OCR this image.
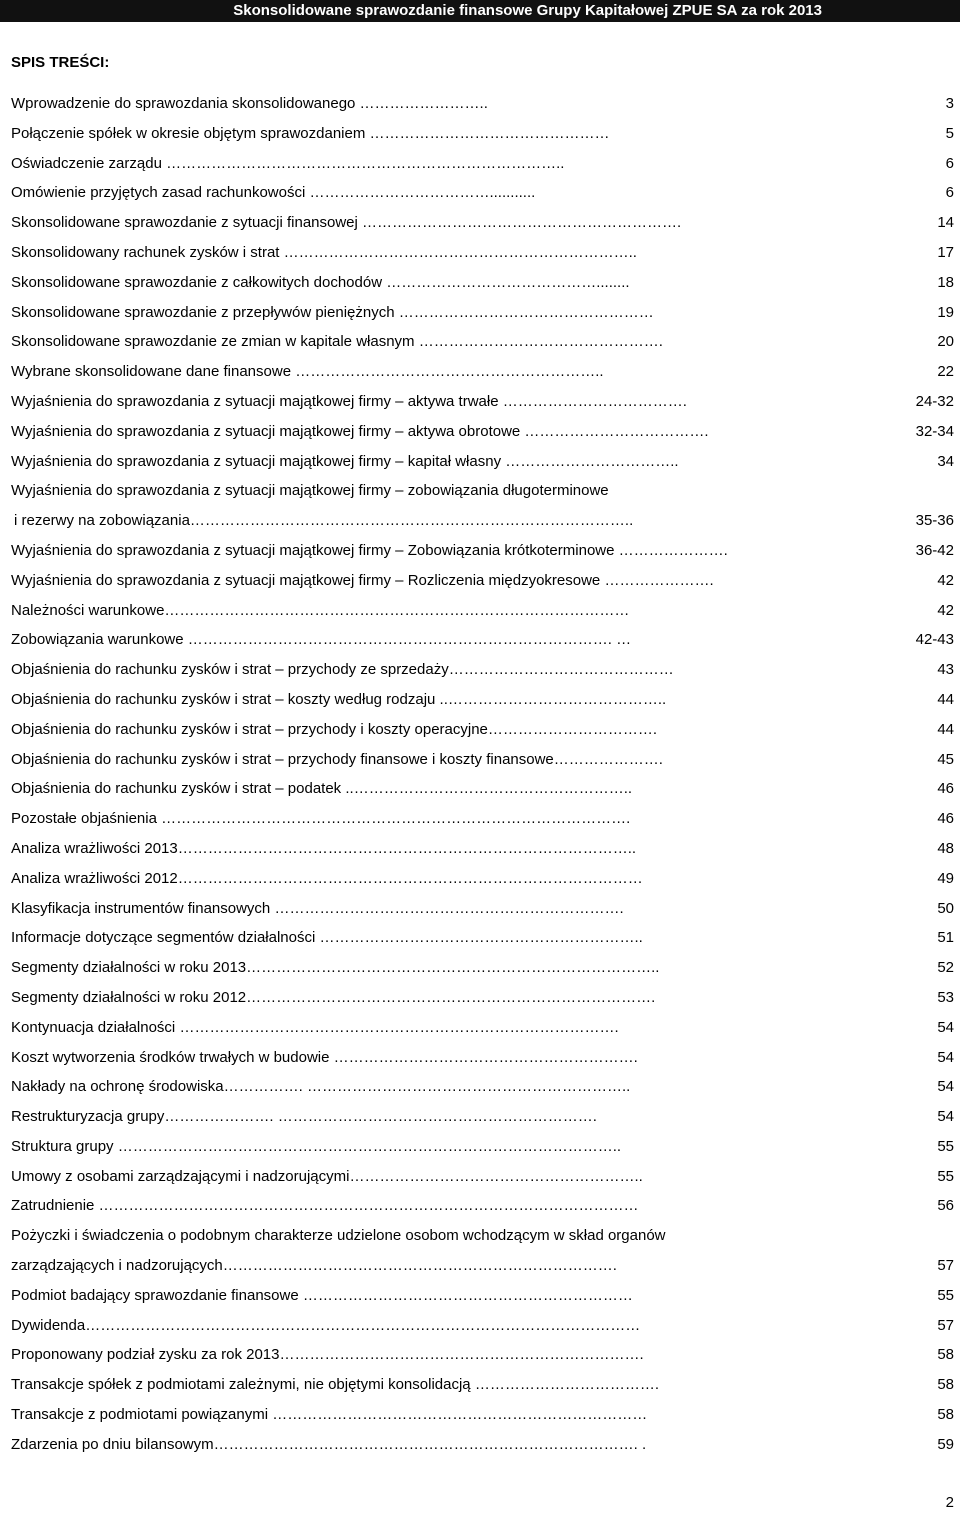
Skonsolidowane sprawozdanie finansowe Grupy Kapitałowej ZPUE SA za rok 2013
SPIS TREŚCI:
Wprowadzenie do sprawozdania skonsolidowanego ……………………..	3
Połączenie spółek w okresie objętym sprawozdaniem …………………………………………	5
Oświadczenie zarządu ……………………………………………………………………..	6
Omówienie przyjętych zasad rachunkowości ………………………………...........	6
Skonsolidowane sprawozdanie z sytuacji finansowej ……………………………………………………….	14
Skonsolidowany rachunek zysków i strat ……………………………………………………………..	17
Skonsolidowane sprawozdanie z całkowitych dochodów ……………………………………........	18
Skonsolidowane sprawozdanie z przepływów pieniężnych ……………………………………………	19
Skonsolidowane sprawozdanie ze zmian w kapitale własnym ………………………………………….	20
Wybrane skonsolidowane dane finansowe ……………………………………………………..	22
Wyjaśnienia do sprawozdania z sytuacji majątkowej firmy – aktywa trwałe ……………………………….	24-32
Wyjaśnienia do sprawozdania z sytuacji majątkowej firmy – aktywa obrotowe ……………………………….	32-34
Wyjaśnienia do sprawozdania z sytuacji majątkowej firmy – kapitał własny ……………………………..	34
Wyjaśnienia do sprawozdania z sytuacji majątkowej firmy – zobowiązania długoterminowe
i rezerwy na zobowiązania……………………………………………………………………………..	35-36
Wyjaśnienia do sprawozdania z sytuacji majątkowej firmy – Zobowiązania krótkoterminowe ………………….	36-42
Wyjaśnienia do sprawozdania z sytuacji majątkowej firmy – Rozliczenia międzyokresowe ………………….	42
Należności warunkowe…………………………………………………………………………………	42
Zobowiązania warunkowe …………………………………………………………………………. …	42-43
Objaśnienia do rachunku zysków i strat – przychody ze sprzedaży………………………………………	43
Objaśnienia do rachunku zysków i strat – koszty według rodzaju ..……………………………………..	44
Objaśnienia do rachunku zysków i strat – przychody i koszty operacyjne…………………………….	44
Objaśnienia do rachunku zysków i strat – przychody finansowe i koszty finansowe………………….	45
Objaśnienia do rachunku zysków i strat – podatek ..………………………………………………..	46
Pozostałe objaśnienia ………………………………………………………………………………….	46
Analiza wrażliwości 2013………………………………………………………………………………..	48
Analiza wrażliwości 2012…………………………………………………………………………………	49
Klasyfikacja instrumentów finansowych …………………………………………………………….	50
Informacje dotyczące segmentów działalności ………………………………………………………..	51
Segmenty działalności w roku 2013………………………………………………………………………..	52
Segmenty działalności w roku 2012……………………………………………………………………….	53
Kontynuacja działalności …………………………………………………………………………….	54
Koszt wytworzenia środków trwałych w budowie …………………………………………………….	54
Nakłady na ochronę środowiska……………. ………………………………………………………..	54
Restrukturyzacja grupy…………………. ……………………………………………………….	54
Struktura grupy ………………………………………………………………………………………..	55
Umowy z osobami zarządzającymi i nadzorującymi…………………………………………………..	55
Zatrudnienie ………………………………………………………………………………………………	56
Pożyczki i świadczenia o podobnym charakterze udzielone osobom wchodzącym w skład organów
zarządzających i nadzorujących…………………………………………………………………….	57
Podmiot badający sprawozdanie finansowe …………………………………………………………	55
Dywidenda…………………………………………………………………………………………………	57
Proponowany podział zysku za rok 2013……………………………………………………………….	58
Transakcje spółek z podmiotami zależnymi, nie objętymi konsolidacją ……………………………….	58
Transakcje z podmiotami powiązanymi …………………………………………………………………	58
Zdarzenia po dniu bilansowym…………………………………………………………………………. .	59
2
